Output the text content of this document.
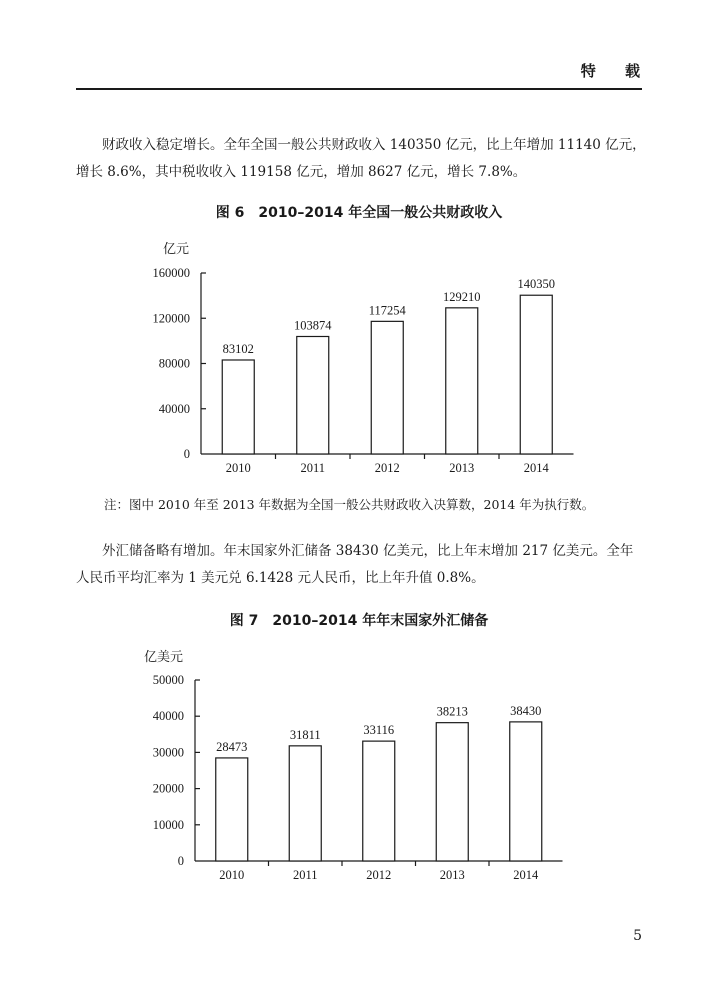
特 载

财政收入稳定增长。全年全国一般公共财政收入 140350 亿元，比上年增加 11140 亿元，增长 8.6%，其中税收收入 119158 亿元，增加 8627 亿元，增长 7.8%。

图 6 2010–2014 年全国一般公共财政收入
亿元
0
40000
80000
120000
160000
83102
2010
103874
2011
117254
2012
129210
2013
140350
2014
注：图中 2010 年至 2013 年数据为全国一般公共财政收入决算数，2014 年为执行数。

外汇储备略有增加。年末国家外汇储备 38430 亿美元，比上年末增加 217 亿美元。全年人民币平均汇率为 1 美元兑 6.1428 元人民币，比上年升值 0.8%。

图 7 2010–2014 年年末国家外汇储备
亿美元
0
10000
20000
30000
40000
50000
28473
2010
31811
2011
33116
2012
38213
2013
38430
2014
5
